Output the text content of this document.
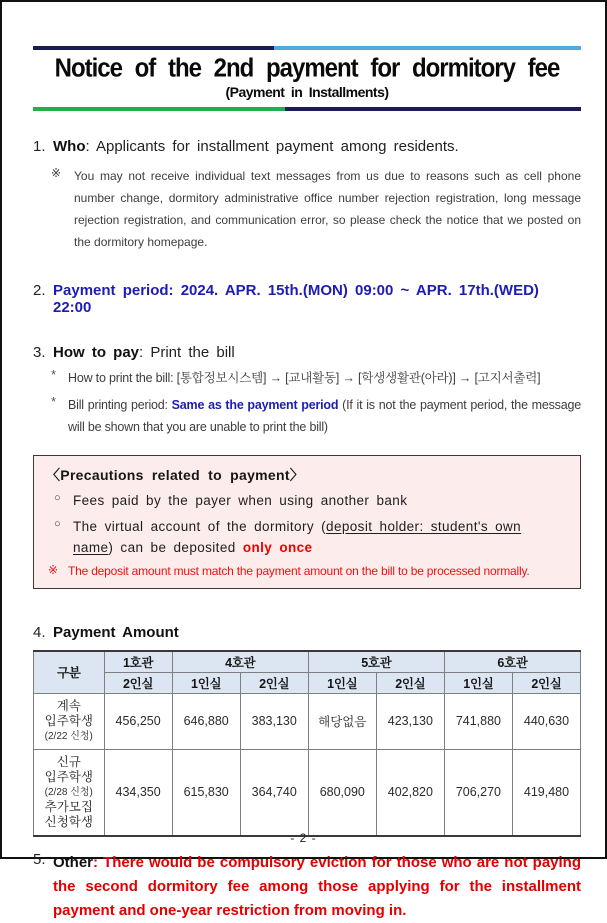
Notice of the 2nd payment for dormitory fee
(Payment in Installments)
1. Who: Applicants for installment payment among residents.
※	You may not receive individual text messages from us due to reasons such as cell phone number change, dormitory administrative office number rejection registration, long message rejection registration, and communication error, so please check the notice that we posted on the dormitory homepage.

2. Payment period: 2024. APR. 15th.(MON) 09:00 ~ APR. 17th.(WED) 22:00
3. How to pay: Print the bill
* How to print the bill: [통합정보시스템] → [교내활동] → [학생생활관(아라)] → [고지서출력]

* Bill printing period: Same as the payment period (If it is not the payment period, the message will be shown that you are unable to print the bill)

〈Precautions related to payment〉
○ Fees paid by the payer when using another bank

○ The virtual account of the dormitory (deposit holder: student's own name) can be deposited only once

※ The deposit amount must match the payment amount on the bill to be processed normally.

4. Payment Amount
구분	1호관	4호관		5호관		6호관	
	2인실	1인실	2인실	1인실	2인실	1인실	2인실

계속
입주학생
(2/22 신청)	456,250	646,880	383,130	해당없음	423,130	741,880	440,630

신규
입주학생
(2/28 신청)
추가모집
신청학생	434,350	615,830	364,740	680,090	402,820	706,270	419,480
5. Other: There would be compulsory eviction for those who are not paying the second dormitory fee among those applying for the installment payment and one-year restriction from moving in.

- 2 -
